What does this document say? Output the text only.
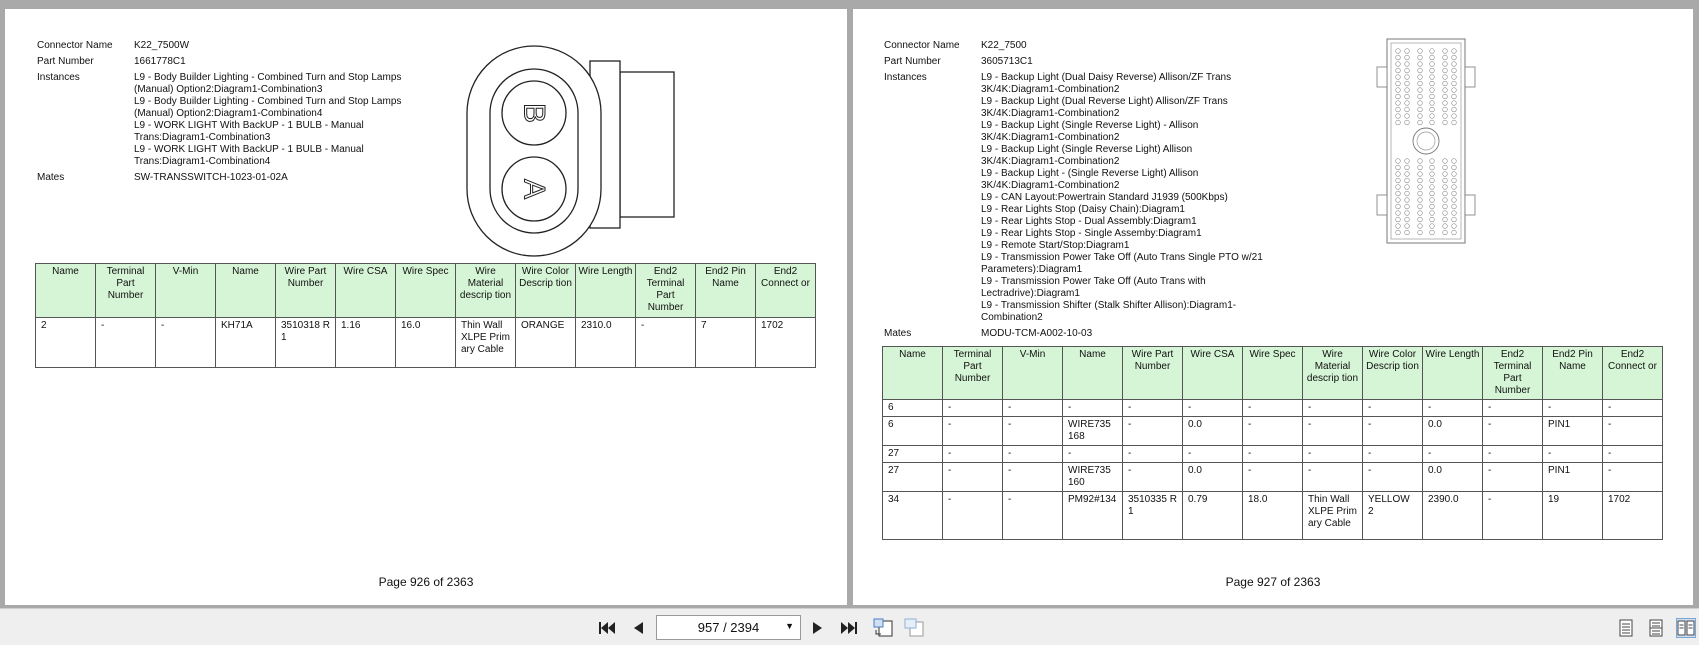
Connector Name	K22_7500W
Part Number	1661778C1
Instances	L9 - Body Builder Lighting - Combined Turn and Stop Lamps
(Manual) Option2:Diagram1-Combination3
L9 - Body Builder Lighting - Combined Turn and Stop Lamps
(Manual) Option2:Diagram1-Combination4
L9 - WORK LIGHT With BackUP - 1 BULB - Manual
Trans:Diagram1-Combination3
L9 - WORK LIGHT With BackUP - 1 BULB - Manual
Trans:Diagram1-Combination4
Mates	SW-TRANSSWITCH-1023-01-02A
B
A
Name	Terminal Part Number	V-Min	Name	Wire Part Number	Wire CSA	Wire Spec	Wire Material descrip tion	Wire Color Descrip tion	Wire Length	End2 Terminal Part Number	End2 Pin Name	End2 Connect or
2	-	-	KH71A	3510318 R1	1.16	16.0	Thin Wall XLPE Primary Cable	ORANGE	2310.0	-	7	1702
Page 926 of 2363
Connector Name	K22_7500
Part Number	3605713C1
Instances	L9 - Backup Light (Dual Daisy Reverse) Allison/ZF Trans
3K/4K:Diagram1-Combination2
L9 - Backup Light (Dual Reverse Light) Allison/ZF Trans
3K/4K:Diagram1-Combination2
L9 - Backup Light (Single Reverse Light) - Allison
3K/4K:Diagram1-Combination2
L9 - Backup Light (Single Reverse Light) Allison
3K/4K:Diagram1-Combination2
L9 - Backup Light - (Single Reverse Light) Allison
3K/4K:Diagram1-Combination2
L9 - CAN Layout:Powertrain Standard J1939 (500Kbps)
L9 - Rear Lights Stop (Daisy Chain):Diagram1
L9 - Rear Lights Stop - Dual Assembly:Diagram1
L9 - Rear Lights Stop - Single Assemby:Diagram1
L9 - Remote Start/Stop:Diagram1
L9 - Transmission Power Take Off (Auto Trans Single PTO w/21
Parameters):Diagram1
L9 - Transmission Power Take Off (Auto Trans with
Lectradrive):Diagram1
L9 - Transmission Shifter (Stalk Shifter Allison):Diagram1-
Combination2
Mates	MODU-TCM-A002-10-03
Name	Terminal Part Number	V-Min	Name	Wire Part Number	Wire CSA	Wire Spec	Wire Material descrip tion	Wire Color Descrip tion	Wire Length	End2 Terminal Part Number	End2 Pin Name	End2 Connect or
6	-	-	-	-	-	-	-	-	-	-	-	-
6	-	-	WIRE735 168	-	0.0	-	-	-	0.0	-	PIN1	-
27	-	-	-	-	-	-	-	-	-	-	-	-
27	-	-	WIRE735 160	-	0.0	-	-	-	0.0	-	PIN1	-
34	-	-	PM92#134	3510335 R1	0.79	18.0	Thin Wall XLPE Primary Cable	YELLOW 2	2390.0	-	19	1702
Page 927 of 2363
957 / 2394	▼
